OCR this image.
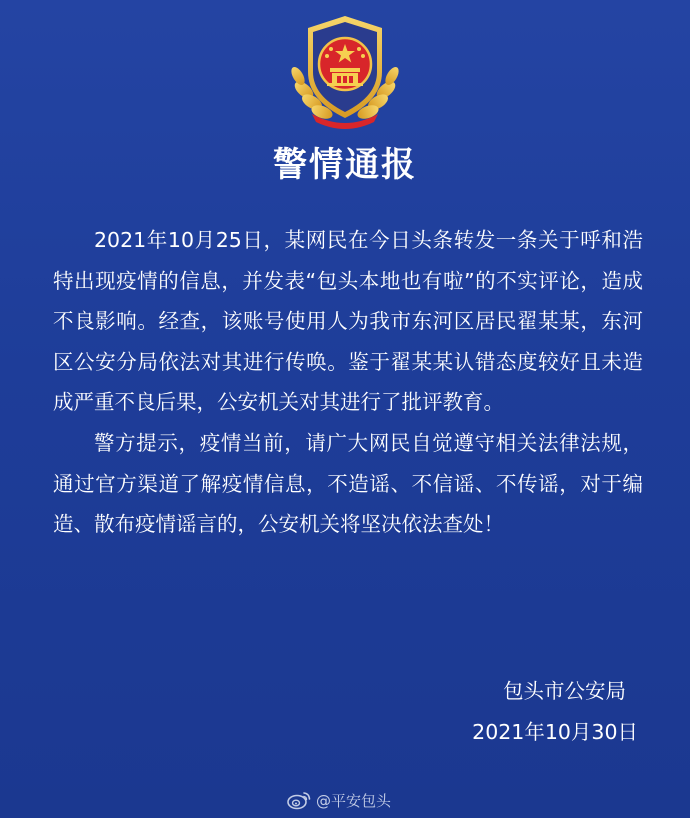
警情通报

2021年10月25日，某网民在今日头条转发一条关于呼和浩特出现疫情的信息，并发表“包头本地也有啦”的不实评论，造成不良影响。经查，该账号使用人为我市东河区居民翟某某，东河区公安分局依法对其进行传唤。鉴于翟某某认错态度较好且未造成严重不良后果，公安机关对其进行了批评教育。

警方提示，疫情当前，请广大网民自觉遵守相关法律法规，通过官方渠道了解疫情信息，不造谣、不信谣、不传谣，对于编造、散布疫情谣言的，公安机关将坚决依法查处！

包头市公安局
2021年10月30日
@平安包头
